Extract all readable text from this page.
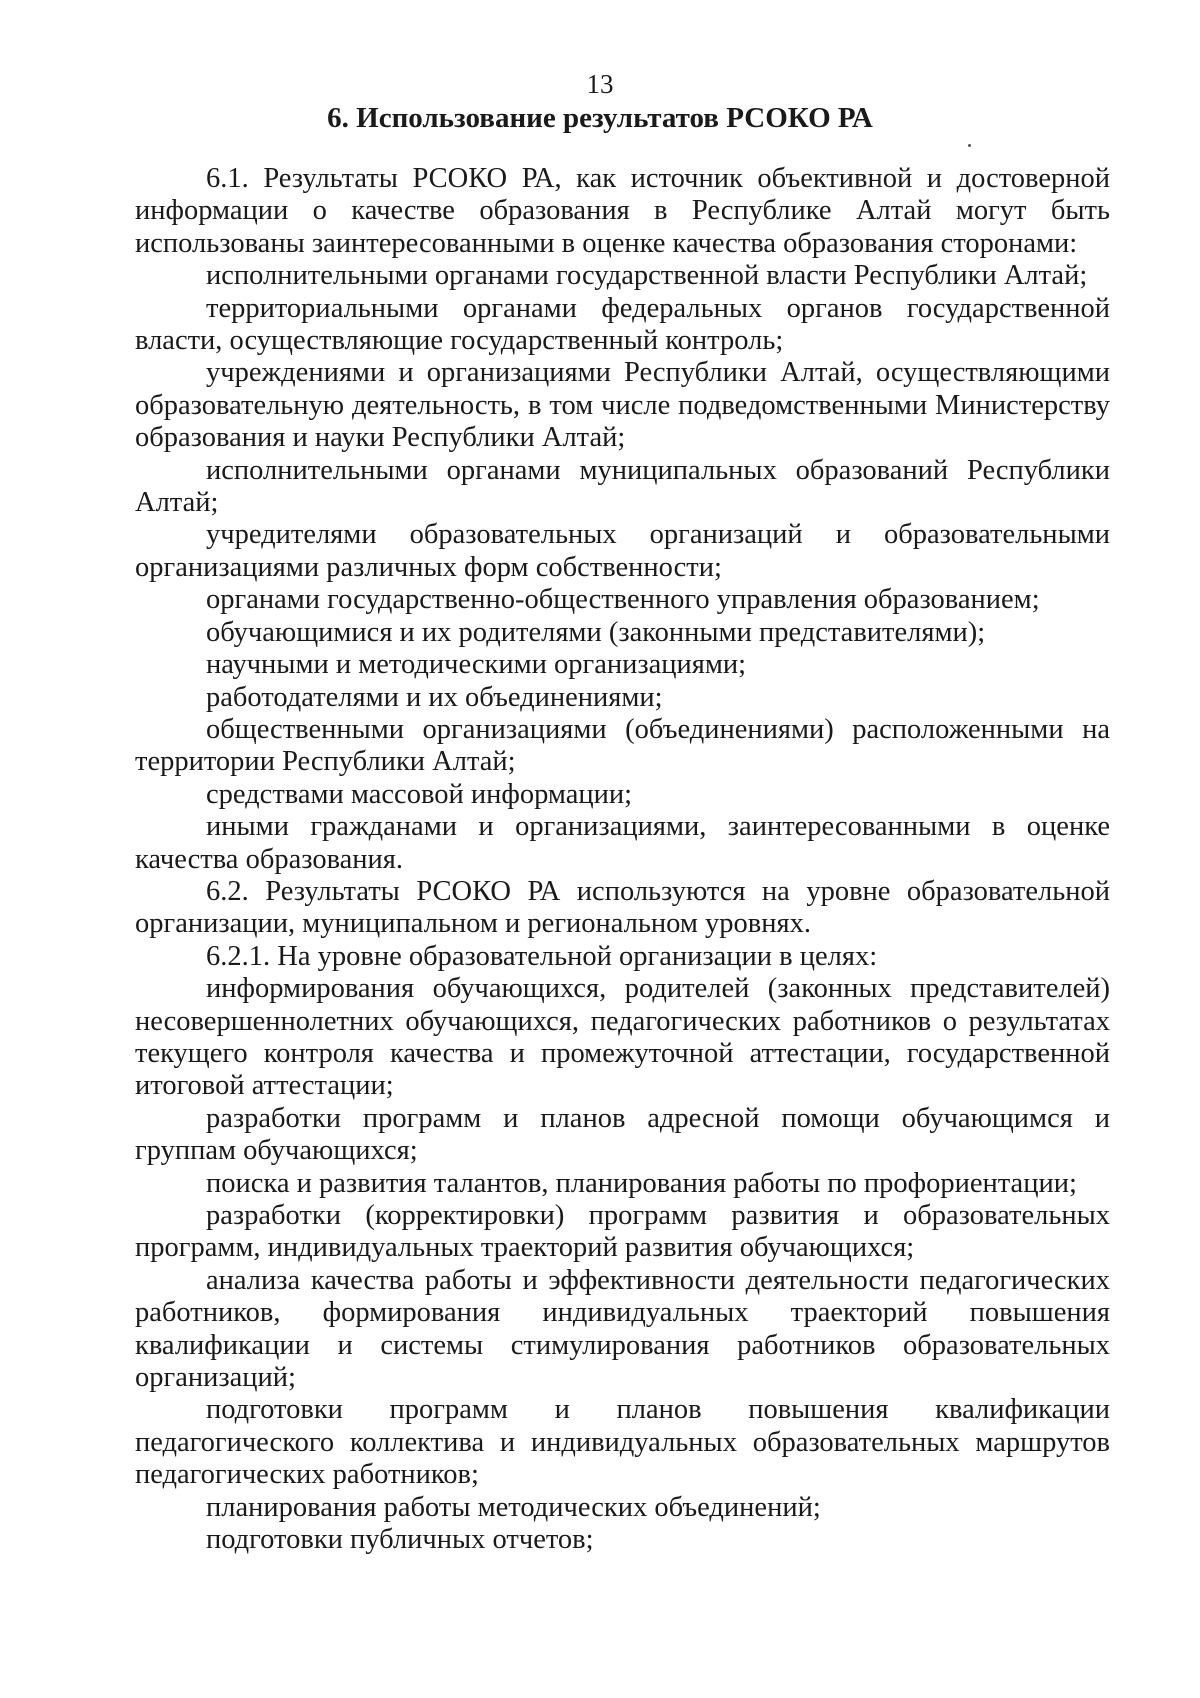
13
6. Использование результатов РСОКО РА

6.1. Результаты РСОКО РА, как источник объективной и достоверной информации о качестве образования в Республике Алтай могут быть использованы заинтересованными в оценке качества образования сторонами:

исполнительными органами государственной власти Республики Алтай;

территориальными органами федеральных органов государственной власти, осуществляющие государственный контроль;

учреждениями и организациями Республики Алтай, осуществляющими образовательную деятельность, в том числе подведомственными Министерству образования и науки Республики Алтай;

исполнительными органами муниципальных образований Республики Алтай;

учредителями образовательных организаций и образовательными организациями различных форм собственности;

органами государственно-общественного управления образованием;

обучающимися и их родителями (законными представителями);

научными и методическими организациями;

работодателями и их объединениями;

общественными организациями (объединениями) расположенными на территории Республики Алтай;

средствами массовой информации;

иными гражданами и организациями, заинтересованными в оценке качества образования.

6.2. Результаты РСОКО РА используются на уровне образовательной организации, муниципальном и региональном уровнях.

6.2.1. На уровне образовательной организации в целях:

информирования обучающихся, родителей (законных представителей) несовершеннолетних обучающихся, педагогических работников о результатах текущего контроля качества и промежуточной аттестации, государственной итоговой аттестации;

разработки программ и планов адресной помощи обучающимся и группам обучающихся;

поиска и развития талантов, планирования работы по профориентации;

разработки (корректировки) программ развития и образовательных программ, индивидуальных траекторий развития обучающихся;

анализа качества работы и эффективности деятельности педагогических работников, формирования индивидуальных траекторий повышения квалификации и системы стимулирования работников образовательных организаций;

подготовки программ и планов повышения квалификации педагогического коллектива и индивидуальных образовательных маршрутов педагогических работников;

планирования работы методических объединений;

подготовки публичных отчетов;
